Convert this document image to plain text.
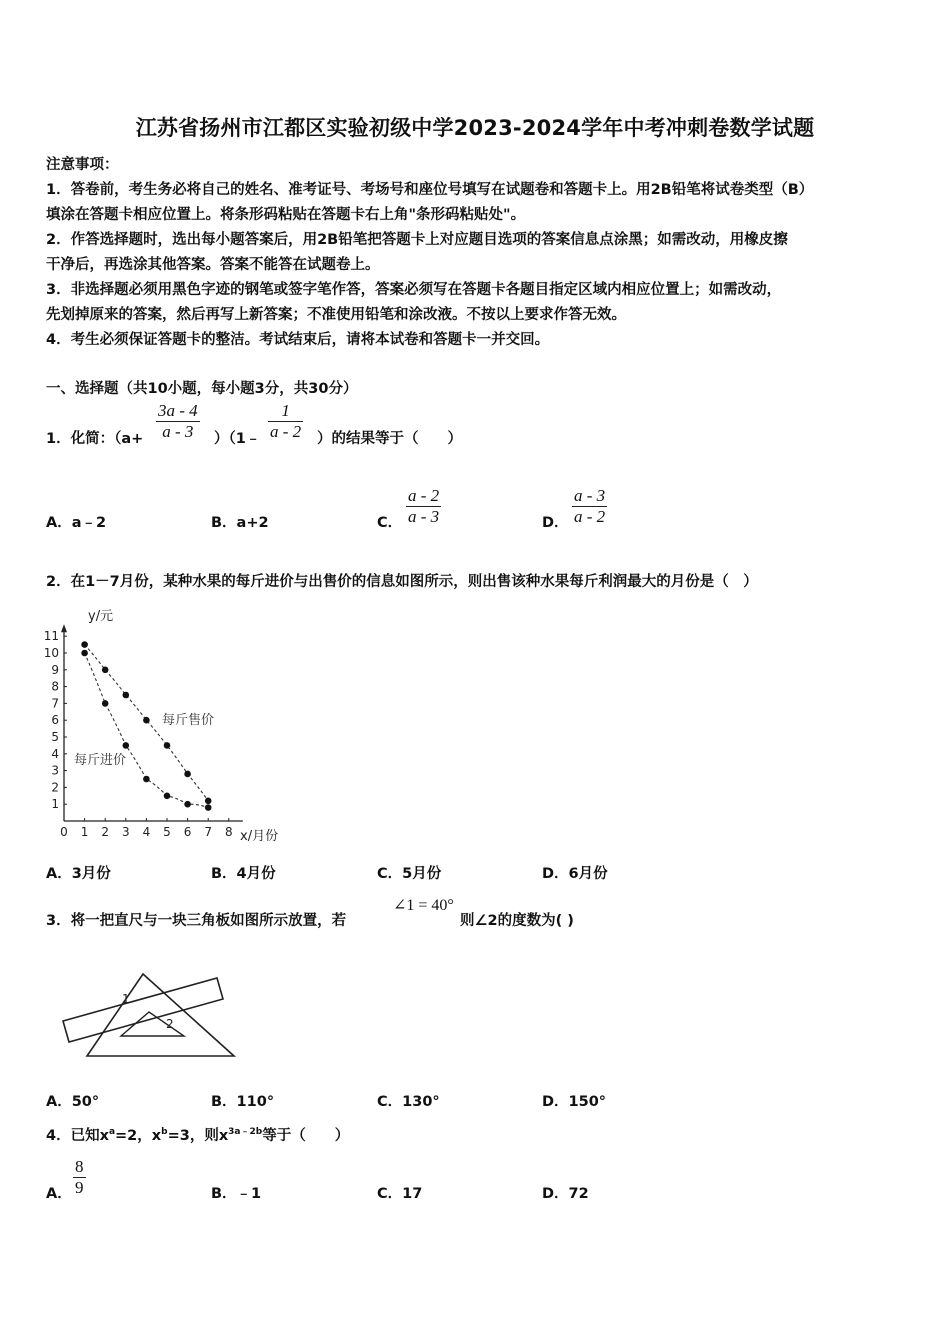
江苏省扬州市江都区实验初级中学2023-2024学年中考冲刺卷数学试题
注意事项：
1．答卷前，考生务必将自己的姓名、准考证号、考场号和座位号填写在试题卷和答题卡上。用2B铅笔将试卷类型（B）
填涂在答题卡相应位置上。将条形码粘贴在答题卡右上角"条形码粘贴处"。
2．作答选择题时，选出每小题答案后，用2B铅笔把答题卡上对应题目选项的答案信息点涂黑；如需改动，用橡皮擦
干净后，再选涂其他答案。答案不能答在试题卷上。
3．非选择题必须用黑色字迹的钢笔或签字笔作答，答案必须写在答题卡各题目指定区域内相应位置上；如需改动，
先划掉原来的答案，然后再写上新答案；不准使用铅笔和涂改液。不按以上要求作答无效。
4．考生必须保证答题卡的整洁。考试结束后，请将本试卷和答题卡一并交回。
一、选择题（共10小题，每小题3分，共30分）
1．化简：（$a+ \frac{3a - 4}{a - 3}$ ）（1﹣ $\frac{1}{a - 2}$ ）的结果等于（　　）
A．a﹣2	B．a+2	C． $\frac{a - 2}{a - 3}$	D． $\frac{a - 3}{a - 2}$
2．在1－7月份，某种水果的每斤进价与出售价的信息如图所示，则出售该种水果每斤利润最大的月份是（　）
0 1 2 3 4 5 6 7 8
1
2
3
4
5
6
7
8
9
10
11
y/元
x/月份
每斤售价
每斤进价
A．3月份	B．4月份	C．5月份	D．6月份
3．将一把直尺与一块三角板如图所示放置，若
∠1 = 40°
则∠2的度数为( )
1
2
A．50°	B．110°	C．130°	D．150°
4．已知$x^a=2$，$x^b=3$，则$x^{3a﹣2b}$等于（　　）
A． $\frac{8}{9}$	B．﹣1	C．17	D．72
